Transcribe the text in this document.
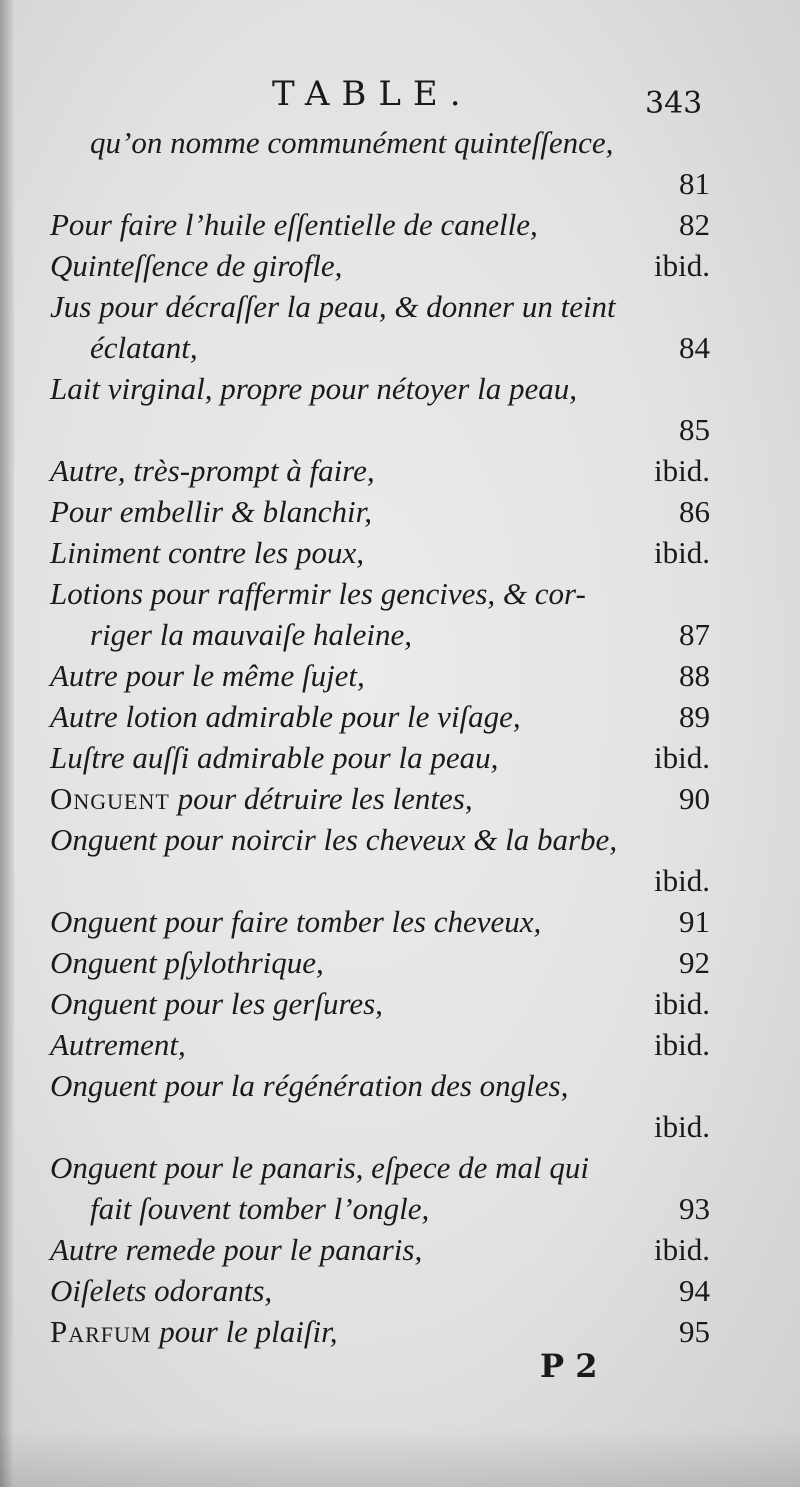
TABLE.	343
qu’on nomme communément quinteſſence,
81
Pour faire l’huile eſſentielle de canelle,	82
Quinteſſence de girofle,	ibid.
Jus pour décraſſer la peau, & donner un teint
éclatant,	84
Lait virginal, propre pour nétoyer la peau,
85
Autre, très-prompt à faire,	ibid.
Pour embellir & blanchir,	86
Liniment contre les poux,	ibid.
Lotions pour raffermir les gencives, & cor-
riger la mauvaiſe haleine,	87
Autre pour le même ſujet,	88
Autre lotion admirable pour le viſage,	89
Luſtre auſſi admirable pour la peau,	ibid.
Onguent pour détruire les lentes,	90
Onguent pour noircir les cheveux & la barbe,
ibid.
Onguent pour faire tomber les cheveux,	91
Onguent pſylothrique,	92
Onguent pour les gerſures,	ibid.
Autrement,	ibid.
Onguent pour la régénération des ongles,
ibid.
Onguent pour le panaris, eſpece de mal qui
fait ſouvent tomber l’ongle,	93
Autre remede pour le panaris,	ibid.
Oiſelets odorants,	94
Parfum pour le plaiſir,	95
P 2
